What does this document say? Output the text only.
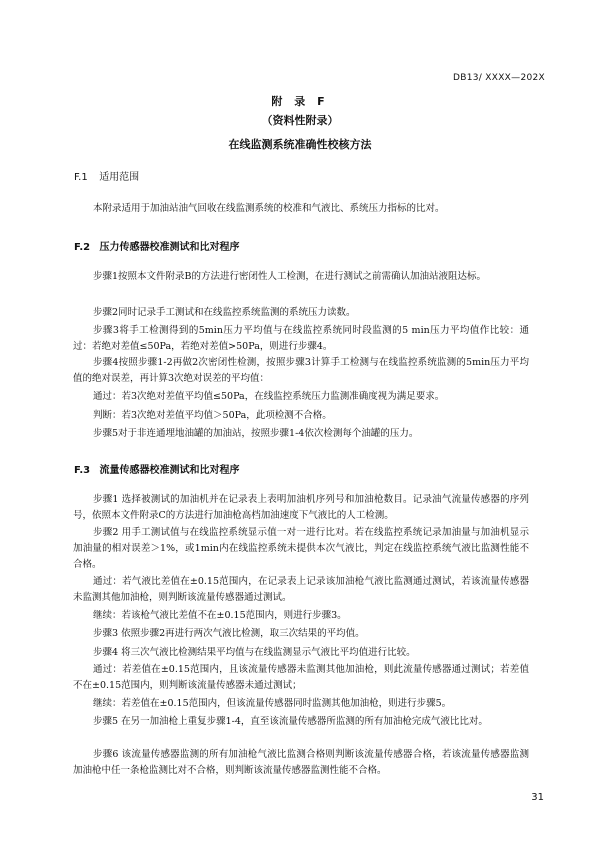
DB13/ XXXX—202X
附 录 F
（资料性附录）
在线监测系统准确性校核方法
F.1 适用范围
本附录适用于加油站油气回收在线监测系统的校准和气液比、系统压力指标的比对。
F.2 压力传感器校准测试和比对程序
步骤1按照本文件附录B的方法进行密闭性人工检测，在进行测试之前需确认加油站液阻达标。
步骤2同时记录手工测试和在线监控系统监测的系统压力读数。
步骤3将手工检测得到的5min压力平均值与在线监控系统同时段监测的5 min压力平均值作比较：通过：若绝对差值≤50Pa，若绝对差值>50Pa，则进行步骤4。
步骤4按照步骤1-2再做2次密闭性检测，按照步骤3计算手工检测与在线监控系统监测的5min压力平均值的绝对误差，再计算3次绝对误差的平均值：
通过：若3次绝对差值平均值≤50Pa，在线监控系统压力监测准确度视为满足要求。
判断：若3次绝对差值平均值＞50Pa，此项检测不合格。
步骤5对于非连通埋地油罐的加油站，按照步骤1-4依次检测每个油罐的压力。
F.3 流量传感器校准测试和比对程序
步骤1 选择被测试的加油机并在记录表上表明加油机序列号和加油枪数目。记录油气流量传感器的序列号，依照本文件附录C的方法进行加油枪高档加油速度下气液比的人工检测。
步骤2 用手工测试值与在线监控系统显示值一对一进行比对。若在线监控系统记录加油量与加油机显示加油量的相对误差＞1%，或1min内在线监控系统未提供本次气液比，判定在线监控系统气液比监测性能不合格。
通过：若气液比差值在±0.15范围内，在记录表上记录该加油枪气液比监测通过测试，若该流量传感器未监测其他加油枪，则判断该流量传感器通过测试。
继续：若该枪气液比差值不在±0.15范围内，则进行步骤3。
步骤3 依照步骤2再进行两次气液比检测，取三次结果的平均值。
步骤4 将三次气液比检测结果平均值与在线监测显示气液比平均值进行比较。
通过：若差值在±0.15范围内，且该流量传感器未监测其他加油枪，则此流量传感器通过测试；若差值不在±0.15范围内，则判断该流量传感器未通过测试；
继续：若差值在±0.15范围内，但该流量传感器同时监测其他加油枪，则进行步骤5。
步骤5 在另一加油枪上重复步骤1-4，直至该流量传感器所监测的所有加油枪完成气液比比对。
步骤6 该流量传感器监测的所有加油枪气液比监测合格则判断该流量传感器合格，若该流量传感器监测加油枪中任一条枪监测比对不合格，则判断该流量传感器监测性能不合格。
31
